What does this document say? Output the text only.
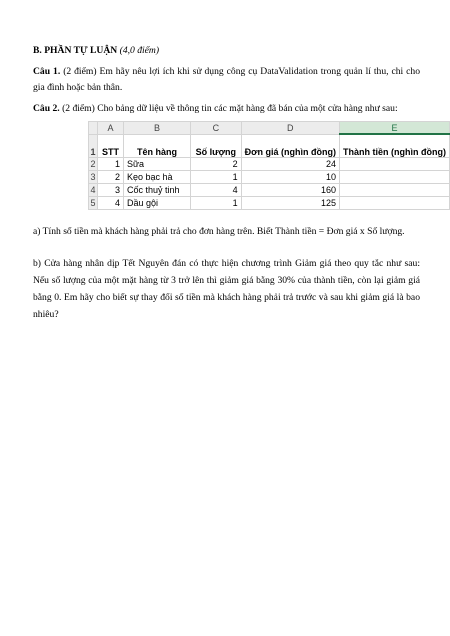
B. PHẦN TỰ LUẬN (4,0 điểm)
Câu 1. (2 điểm) Em hãy nêu lợi ích khi sử dụng công cụ DataValidation trong quản lí thu, chi cho gia đình hoặc bản thân.
Câu 2. (2 điểm) Cho bảng dữ liệu về thông tin các mặt hàng đã bán của một cửa hàng như sau:
	A	B	C	D	E
1	STT	Tên hàng	Số lượng	Đơn giá (nghìn đồng)	Thành tiền (nghìn đồng)
2	1	Sữa	2	24	
3	2	Kẹo bạc hà	1	10	
4	3	Cốc thuỷ tinh	4	160	
5	4	Dầu gội	1	125	
a) Tính số tiền mà khách hàng phải trả cho đơn hàng trên. Biết Thành tiền = Đơn giá x Số lượng.
b) Cửa hàng nhân dịp Tết Nguyên đán có thực hiện chương trình Giảm giá theo quy tắc như sau: Nếu số lượng của một mặt hàng từ 3 trở lên thì giảm giá bằng 30% của thành tiền, còn lại giảm giá bằng 0. Em hãy cho biết sự thay đổi số tiền mà khách hàng phải trả trước và sau khi giảm giá là bao nhiêu?
